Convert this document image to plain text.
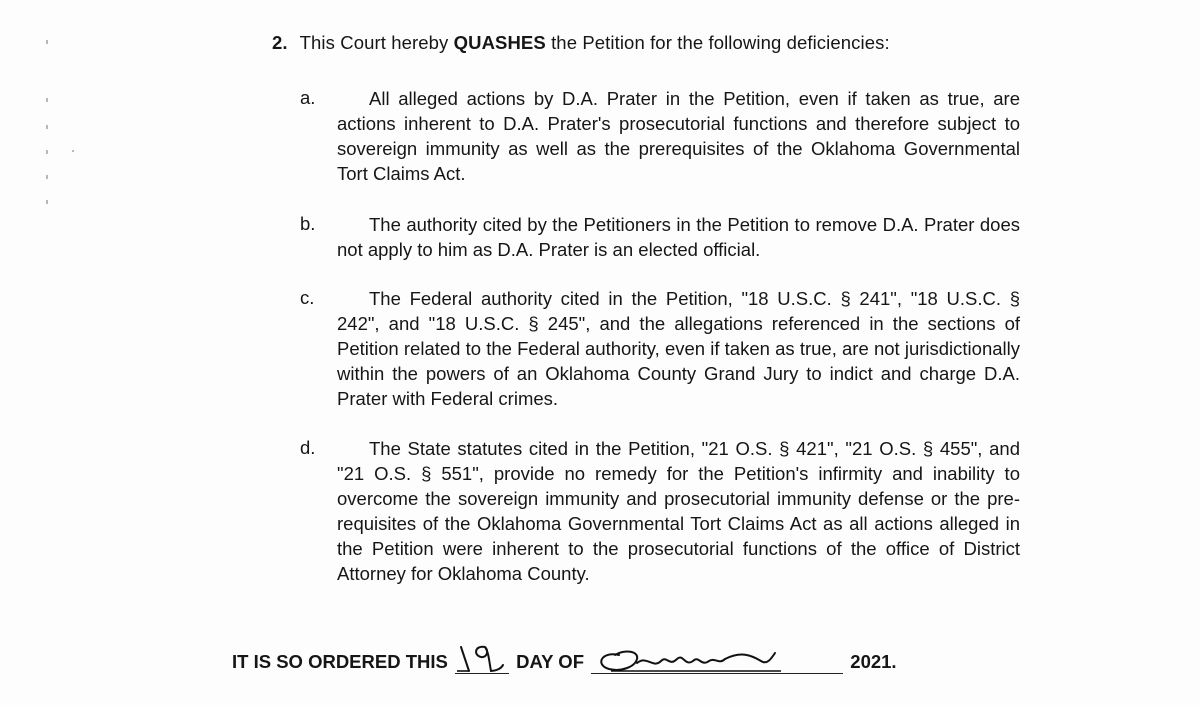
2. This Court hereby QUASHES the Petition for the following deficiencies:
a.	All alleged actions by D.A. Prater in the Petition, even if taken as true, are actions inherent to D.A. Prater's prosecutorial functions and therefore subject to sovereign immunity as well as the prerequisites of the Oklahoma Governmental Tort Claims Act.
b.	The authority cited by the Petitioners in the Petition to remove D.A. Prater does not apply to him as D.A. Prater is an elected official.
c.	The Federal authority cited in the Petition, "18 U.S.C. § 241", "18 U.S.C. § 242", and "18 U.S.C. § 245", and the allegations referenced in the sections of Petition related to the Federal authority, even if taken as true, are not jurisdictionally within the powers of an Oklahoma County Grand Jury to indict and charge D.A. Prater with Federal crimes.
d.	The State statutes cited in the Petition, "21 O.S. § 421", "21 O.S. § 455", and "21 O.S. § 551", provide no remedy for the Petition's infirmity and inability to overcome the sovereign immunity and prosecutorial immunity defense or the pre-requisites of the Oklahoma Governmental Tort Claims Act as all actions alleged in the Petition were inherent to the prosecutorial functions of the office of District Attorney for Oklahoma County.
IT IS SO ORDERED THIS	DAY OF	2021.
